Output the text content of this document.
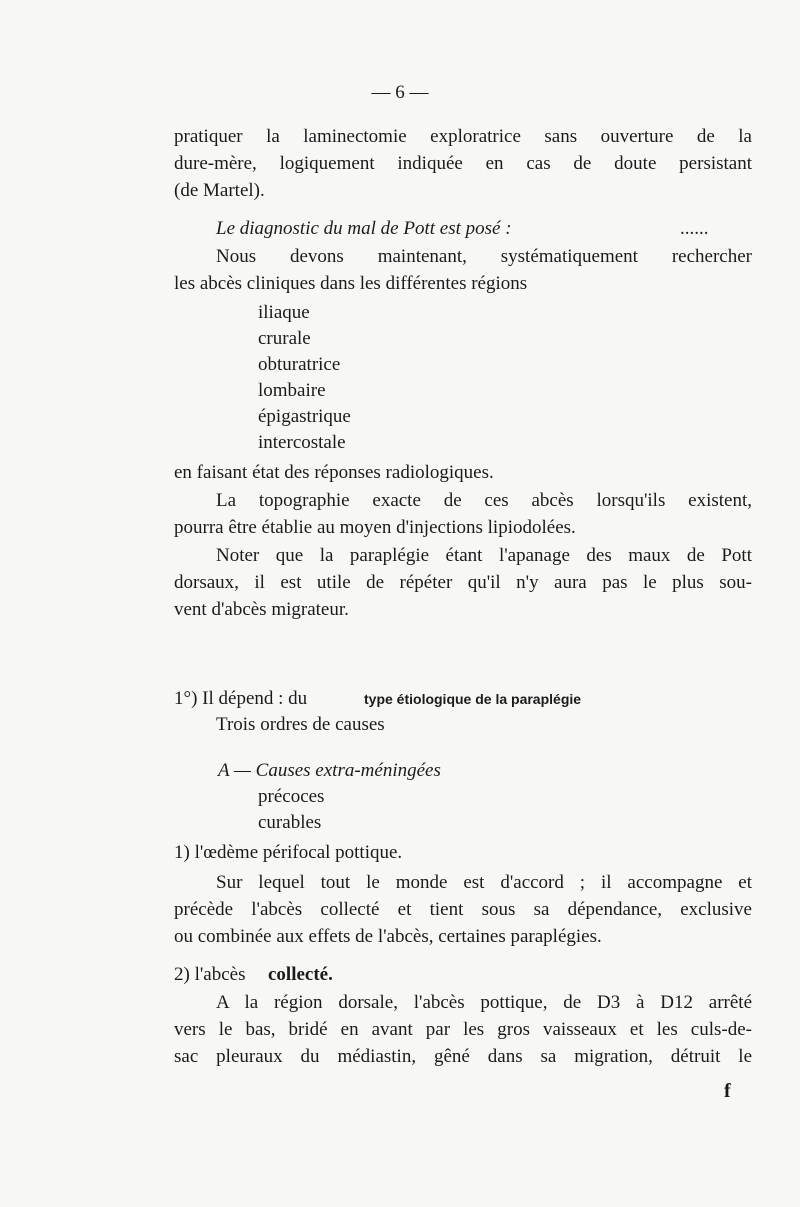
— 6 —
pratiquer la laminectomie exploratrice sans ouverture de la
dure-mère, logiquement indiquée en cas de doute persistant
(de Martel).
Le diagnostic du mal de Pott est posé :	......
Nous devons maintenant, systématiquement rechercher
les abcès cliniques dans les différentes régions
iliaque
crurale
obturatrice
lombaire
épigastrique
intercostale
en faisant état des réponses radiologiques.
La topographie exacte de ces abcès lorsqu'ils existent,
pourra être établie au moyen d'injections lipiodolées.
Noter que la paraplégie étant l'apanage des maux de Pott
dorsaux, il est utile de répéter qu'il n'y aura pas le plus sou-
vent d'abcès migrateur.
1°) Il dépend : du	type étiologique de la paraplégie
Trois ordres de causes
A — Causes extra-méningées
précoces
curables
1) l'œdème périfocal pottique.
Sur lequel tout le monde est d'accord ; il accompagne et
précède l'abcès collecté et tient sous sa dépendance, exclusive
ou combinée aux effets de l'abcès, certaines paraplégies.
2) l'abcès collecté.
A la région dorsale, l'abcès pottique, de D3 à D12 arrêté
vers le bas, bridé en avant par les gros vaisseaux et les culs-de-
sac pleuraux du médiastin, gêné dans sa migration, détruit le
f
